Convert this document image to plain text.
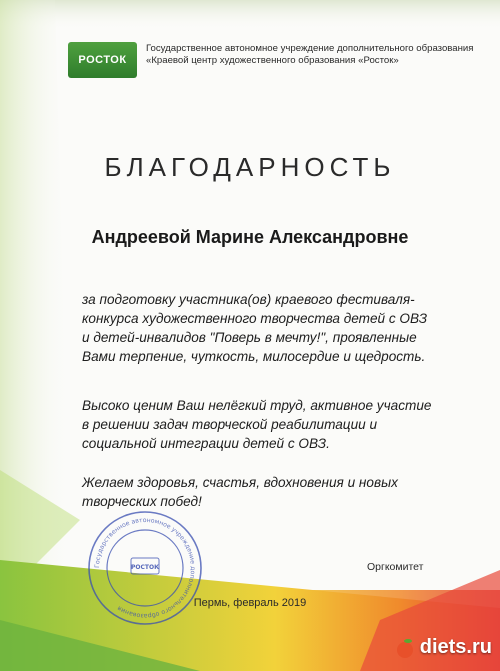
РОСТОК
Государственное автономное учреждение дополнительного образования
«Краевой центр художественного образования «Росток»
БЛАГОДАРНОСТЬ
Андреевой Марине Александровне
за подготовку участника(ов) краевого фестиваля-
конкурса художественного творчества детей с ОВЗ
и детей-инвалидов "Поверь в мечту!", проявленные
Вами терпение, чуткость, милосердие и щедрость.
Высоко ценим Ваш нелёгкий труд, активное участие
в решении задач творческой реабилитации и
социальной интеграции детей с ОВЗ.
Желаем здоровья, счастья, вдохновения и новых
творческих побед!
Государственное автономное учреждение дополнительного образования
РОСТОК	Оргкомитет
Пермь, февраль 2019
diets.ru
